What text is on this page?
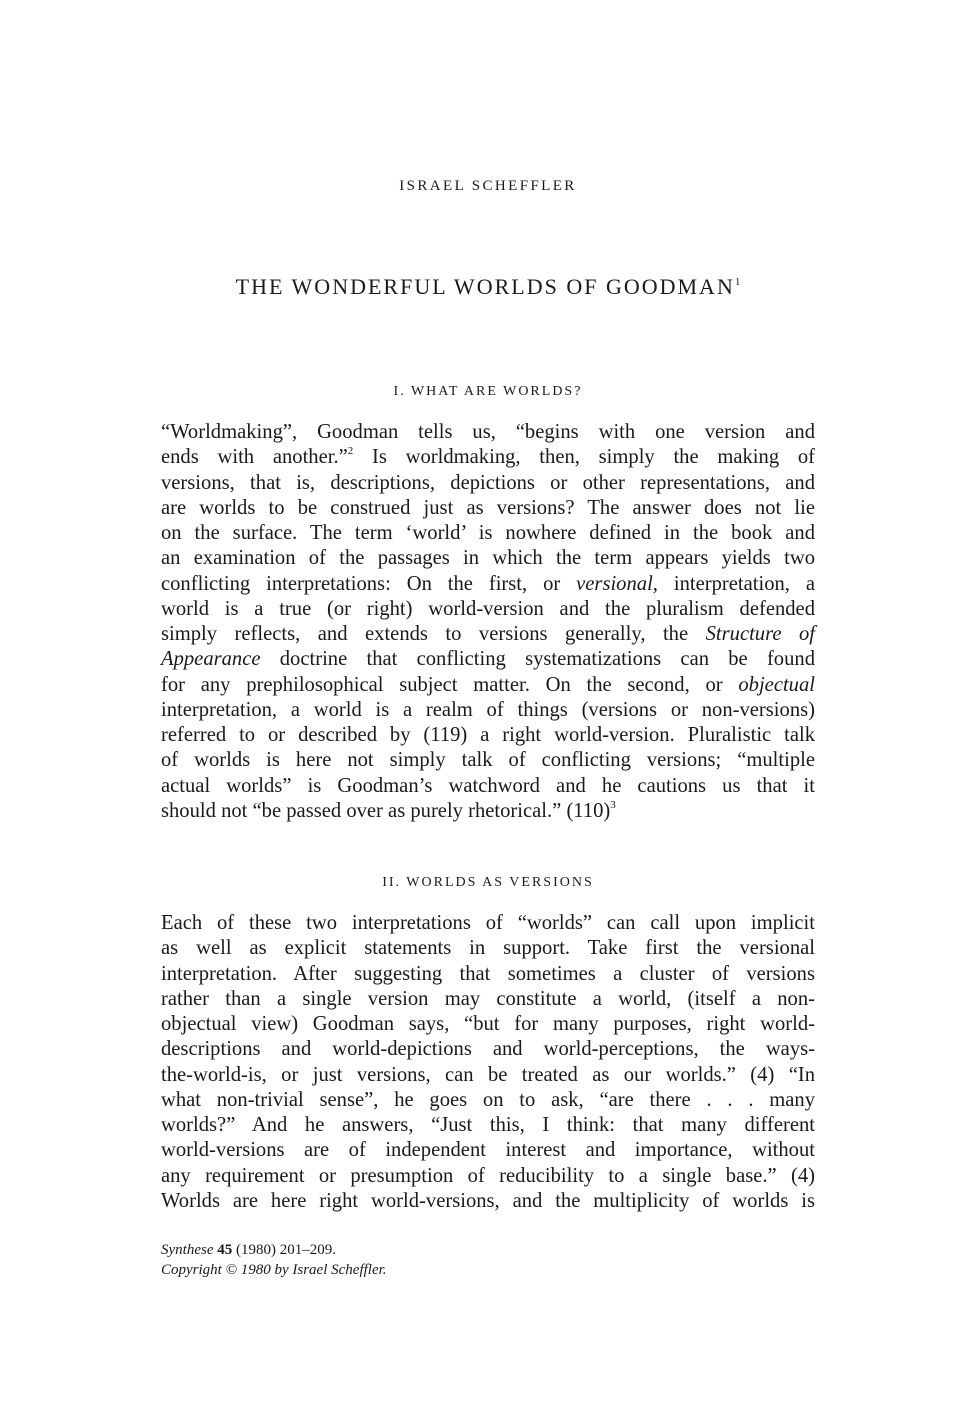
ISRAEL SCHEFFLER
THE WONDERFUL WORLDS OF GOODMAN$^1$
I. WHAT ARE WORLDS?
“Worldmaking”, Goodman tells us, “begins with one version and
ends with another.”$^2$ Is worldmaking, then, simply the making of
versions, that is, descriptions, depictions or other representations, and
are worlds to be construed just as versions? The answer does not lie
on the surface. The term ‘world’ is nowhere defined in the book and
an examination of the passages in which the term appears yields two
conflicting interpretations: On the first, or versional, interpretation, a
world is a true (or right) world-version and the pluralism defended
simply reflects, and extends to versions generally, the Structure of
Appearance doctrine that conflicting systematizations can be found
for any prephilosophical subject matter. On the second, or objectual
interpretation, a world is a realm of things (versions or non-versions)
referred to or described by (119) a right world-version. Pluralistic talk
of worlds is here not simply talk of conflicting versions; “multiple
actual worlds” is Goodman’s watchword and he cautions us that it
should not “be passed over as purely rhetorical.” (110)$^3$
II. WORLDS AS VERSIONS
Each of these two interpretations of “worlds” can call upon implicit
as well as explicit statements in support. Take first the versional
interpretation. After suggesting that sometimes a cluster of versions
rather than a single version may constitute a world, (itself a non-
objectual view) Goodman says, “but for many purposes, right world-
descriptions and world-depictions and world-perceptions, the ways-
the-world-is, or just versions, can be treated as our worlds.” (4) “In
what non-trivial sense”, he goes on to ask, “are there . . . many
worlds?” And he answers, “Just this, I think: that many different
world-versions are of independent interest and importance, without
any requirement or presumption of reducibility to a single base.” (4)
Worlds are here right world-versions, and the multiplicity of worlds is
Synthese 45 (1980) 201–209.
Copyright © 1980 by Israel Scheffler.
